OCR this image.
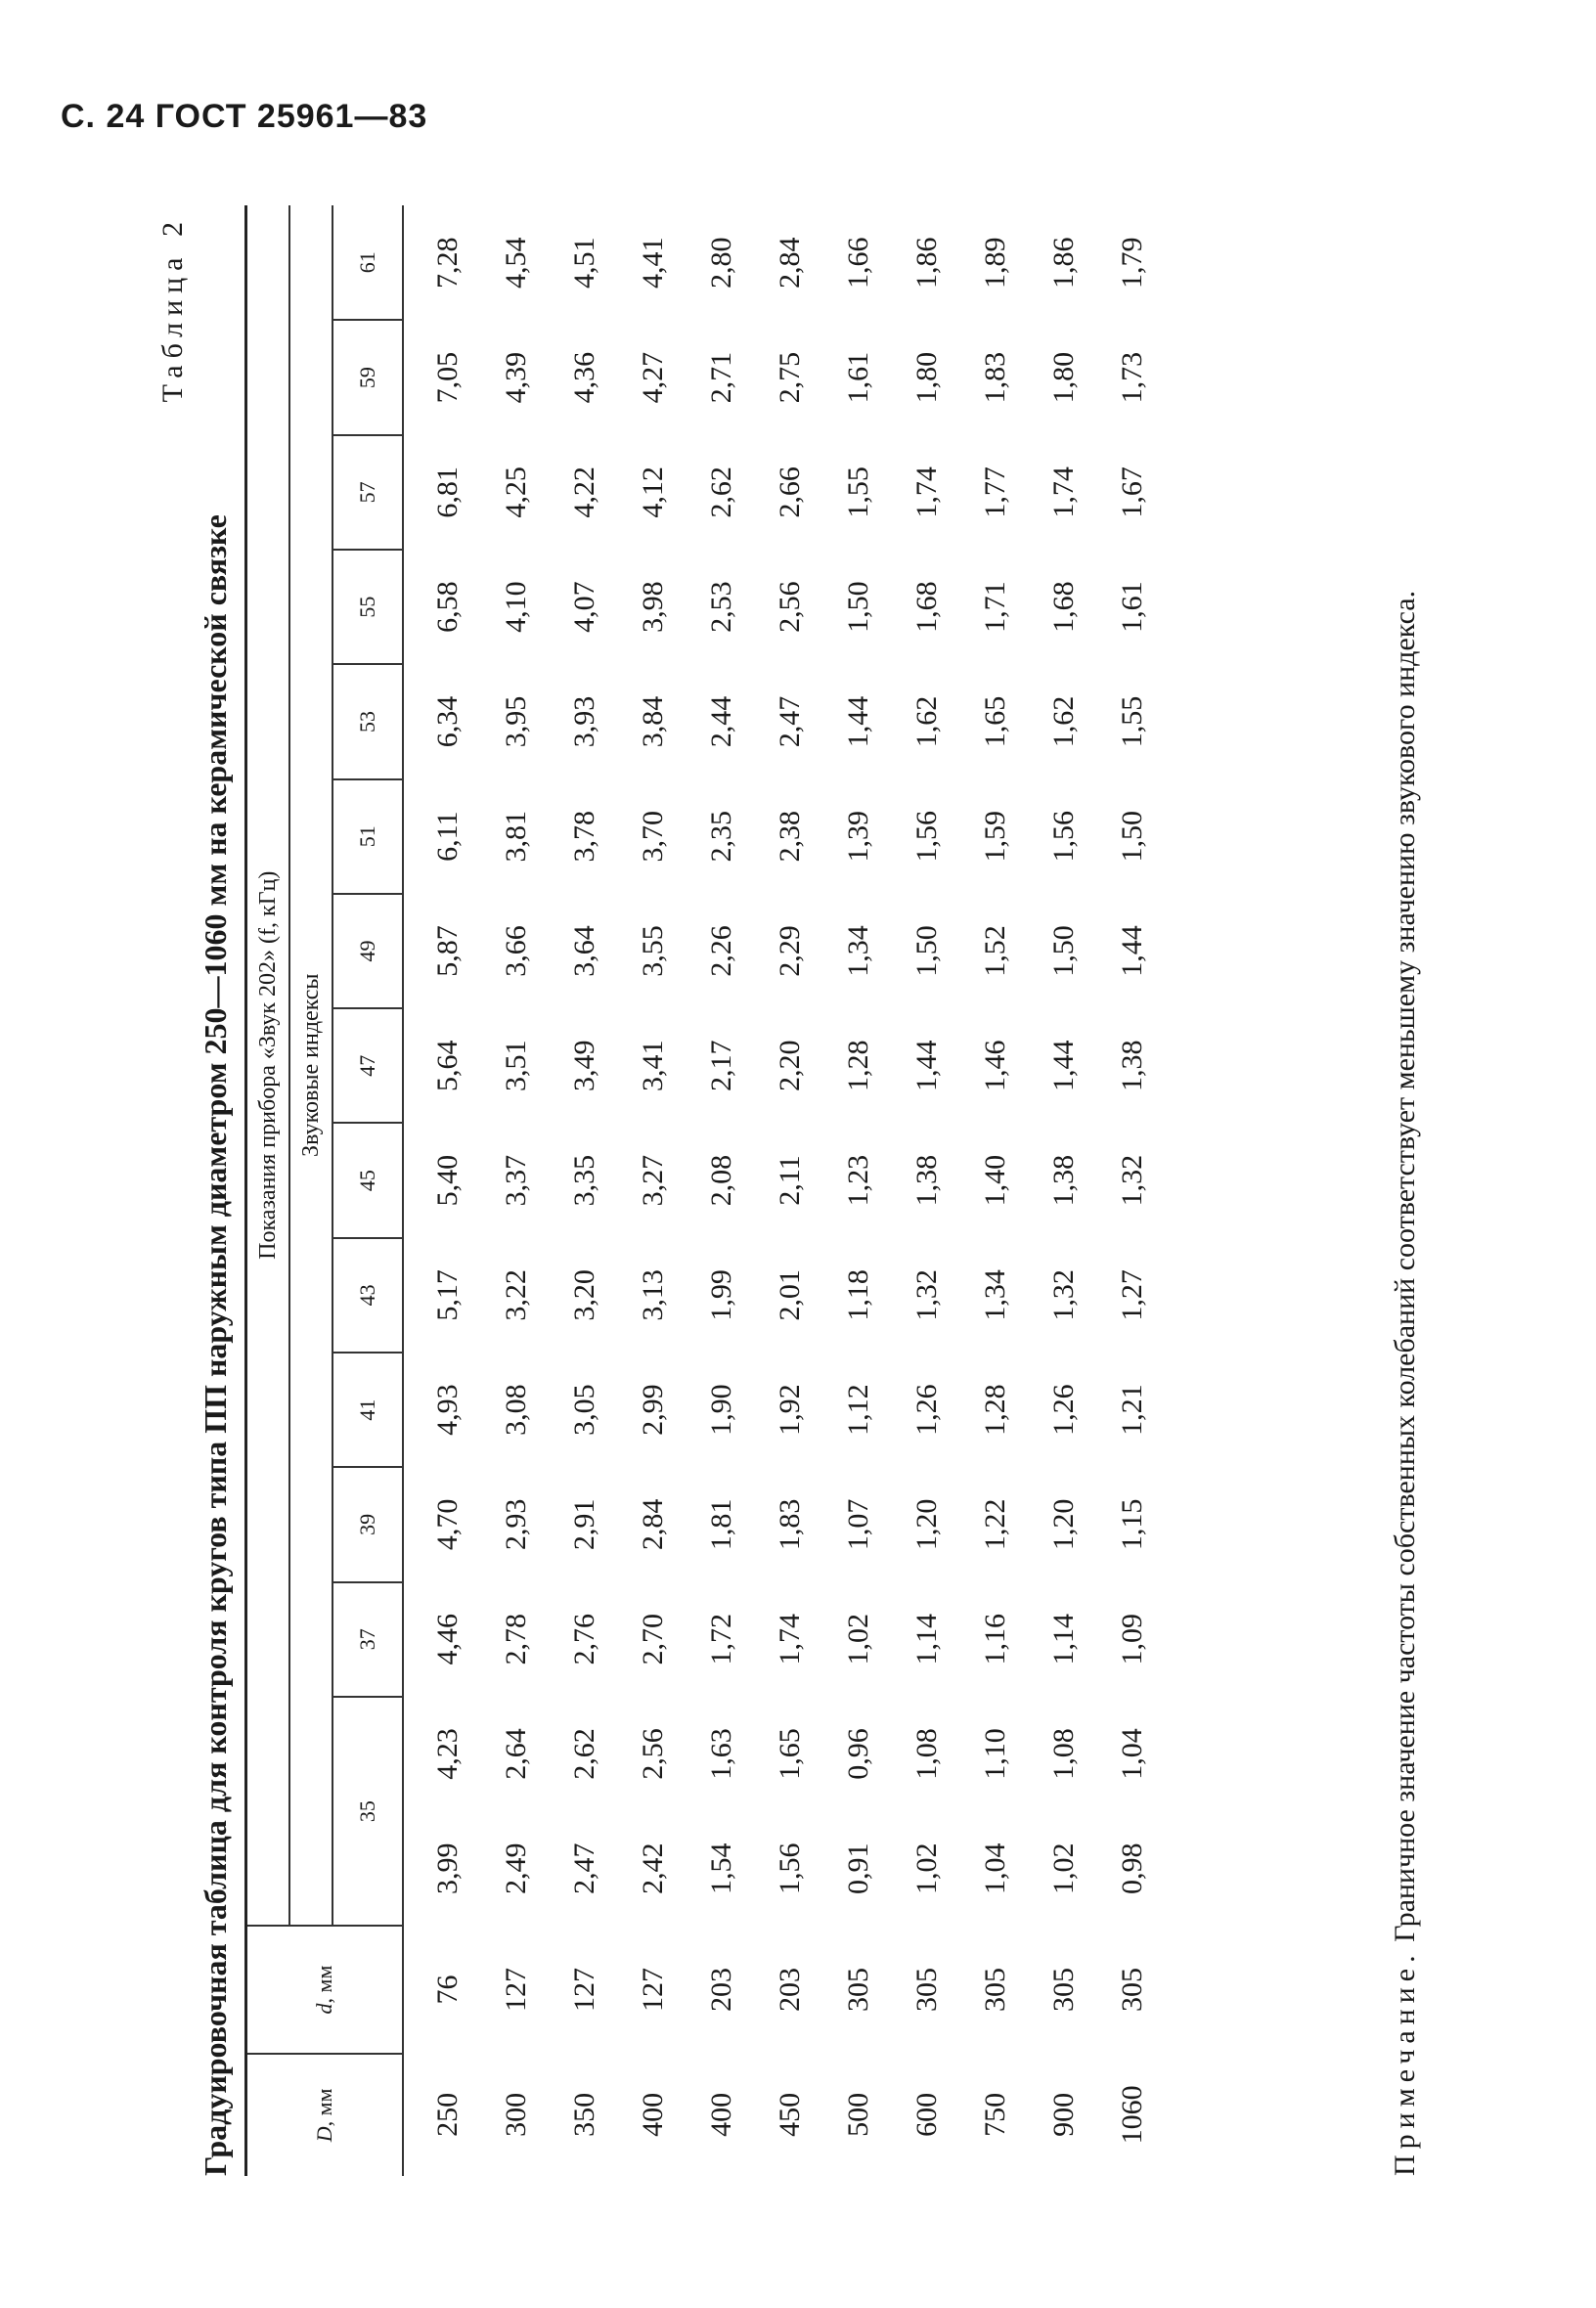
С. 24 ГОСТ 25961—83
Таблица 2
Градуировочная таблица для контроля кругов типа ПП наружным диаметром 250—1060 мм на керамической связке	D, мм	d, мм	Показания прибора «Звук 202» (f, кГц)														
		Звуковые индексы														
		35		37	39	41	43	45	47	49	51	53	55	57	59	61
250	76	3,99	4,23	4,46	4,70	4,93	5,17	5,40	5,64	5,87	6,11	6,34	6,58	6,81	7,05	7,28
300	127	2,49	2,64	2,78	2,93	3,08	3,22	3,37	3,51	3,66	3,81	3,95	4,10	4,25	4,39	4,54
350	127	2,47	2,62	2,76	2,91	3,05	3,20	3,35	3,49	3,64	3,78	3,93	4,07	4,22	4,36	4,51
400	127	2,42	2,56	2,70	2,84	2,99	3,13	3,27	3,41	3,55	3,70	3,84	3,98	4,12	4,27	4,41
400	203	1,54	1,63	1,72	1,81	1,90	1,99	2,08	2,17	2,26	2,35	2,44	2,53	2,62	2,71	2,80
450	203	1,56	1,65	1,74	1,83	1,92	2,01	2,11	2,20	2,29	2,38	2,47	2,56	2,66	2,75	2,84
500	305	0,91	0,96	1,02	1,07	1,12	1,18	1,23	1,28	1,34	1,39	1,44	1,50	1,55	1,61	1,66
600	305	1,02	1,08	1,14	1,20	1,26	1,32	1,38	1,44	1,50	1,56	1,62	1,68	1,74	1,80	1,86
750	305	1,04	1,10	1,16	1,22	1,28	1,34	1,40	1,46	1,52	1,59	1,65	1,71	1,77	1,83	1,89
900	305	1,02	1,08	1,14	1,20	1,26	1,32	1,38	1,44	1,50	1,56	1,62	1,68	1,74	1,80	1,86
1060	305	0,98	1,04	1,09	1,15	1,21	1,27	1,32	1,38	1,44	1,50	1,55	1,61	1,67	1,73	1,79
Примечание. Граничное значение частоты собственных колебаний соответствует меньшему значению звукового индекса.
